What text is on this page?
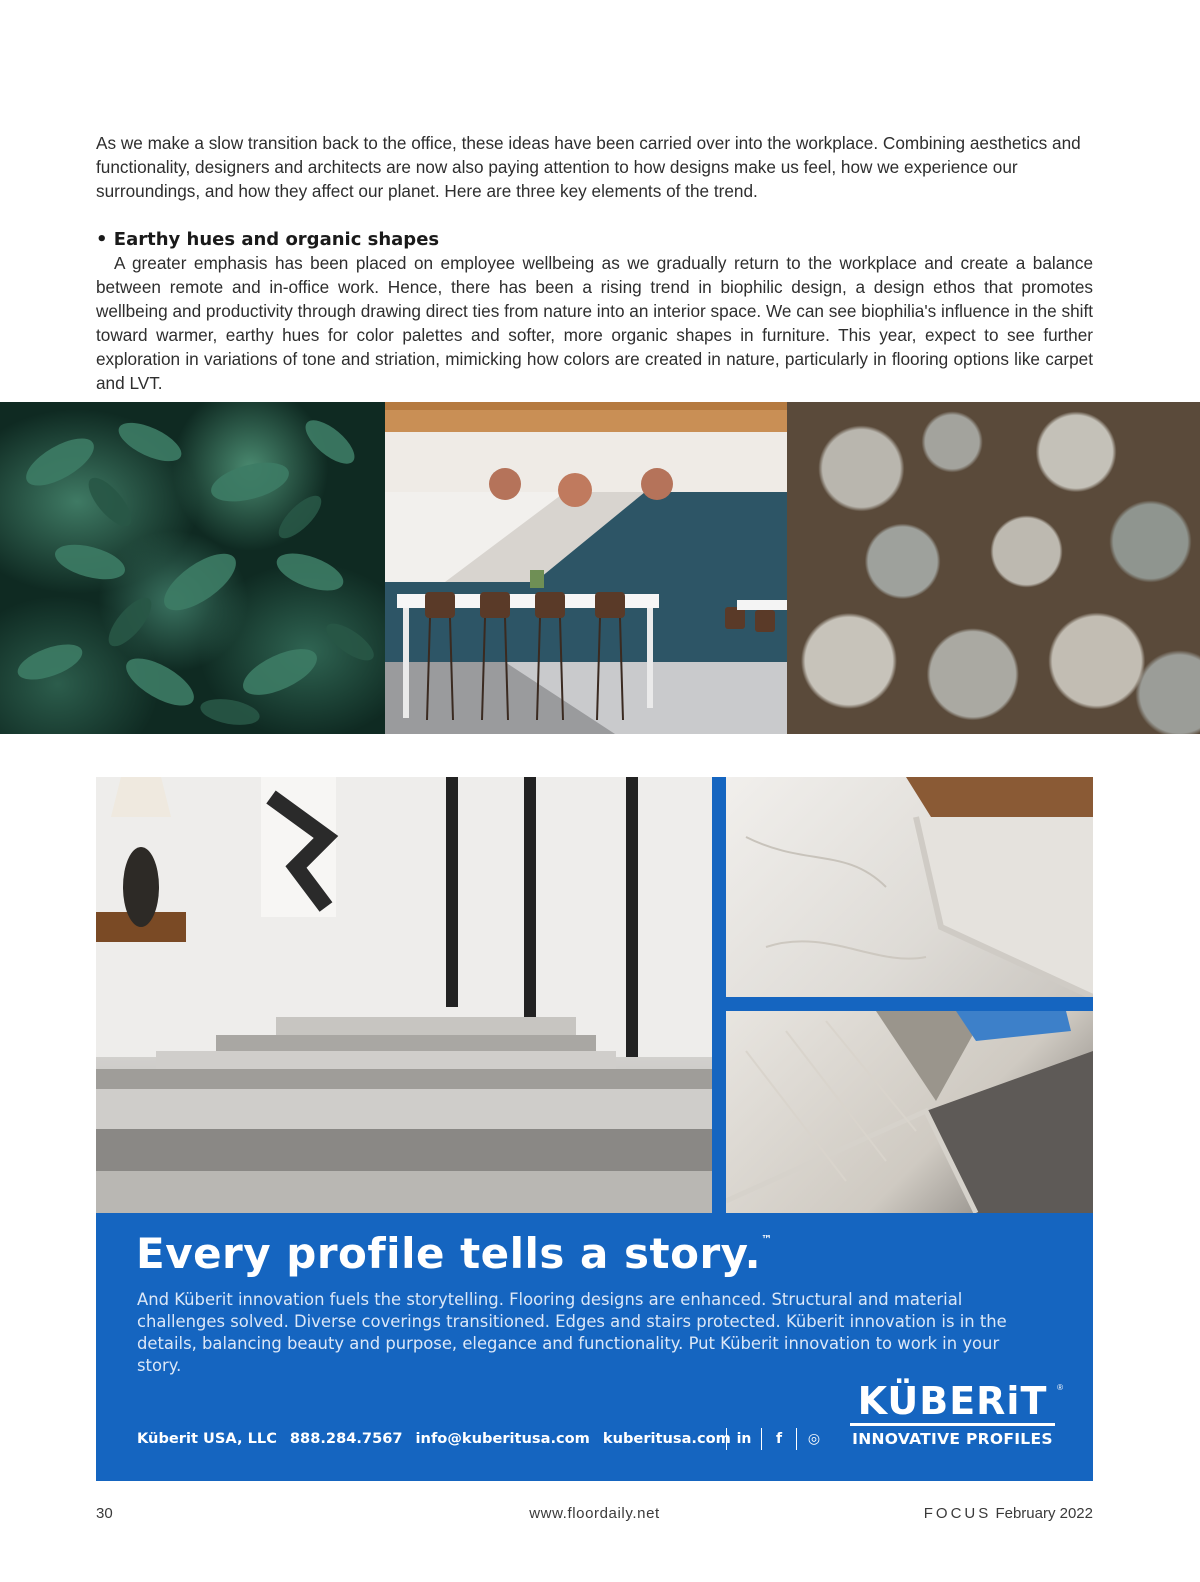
As we make a slow transition back to the office, these ideas have been carried over into the workplace. Combining aesthetics and functionality, designers and architects are now also paying attention to how designs make us feel, how we experience our surroundings, and how they affect our planet. Here are three key elements of the trend.

• Earthy hues and organic shapes

A greater emphasis has been placed on employee wellbeing as we gradually return to the workplace and create a balance between remote and in-office work. Hence, there has been a rising trend in biophilic design, a design ethos that promotes wellbeing and productivity through drawing direct ties from nature into an interior space. We can see biophilia's influence in the shift toward warmer, earthy hues for color palettes and softer, more organic shapes in furniture. This year, expect to see further exploration in variations of tone and striation, mimicking how colors are created in nature, particularly in flooring options like carpet and LVT.

Every profile tells a story.™

And Küberit innovation fuels the storytelling. Flooring designs are enhanced. Structural and material challenges solved. Diverse coverings transitioned. Edges and stairs protected. Küberit innovation is in the details, balancing beauty and purpose, elegance and functionality. Put Küberit innovation to work in your story.

Küberit USA, LLC 888.284.7567 info@kuberitusa.com kuberitusa.com in	f	◎
KÜBERiT	®
INNOVATIVE PROFILES
30	www.floordaily.net	FOCUS February 2022
